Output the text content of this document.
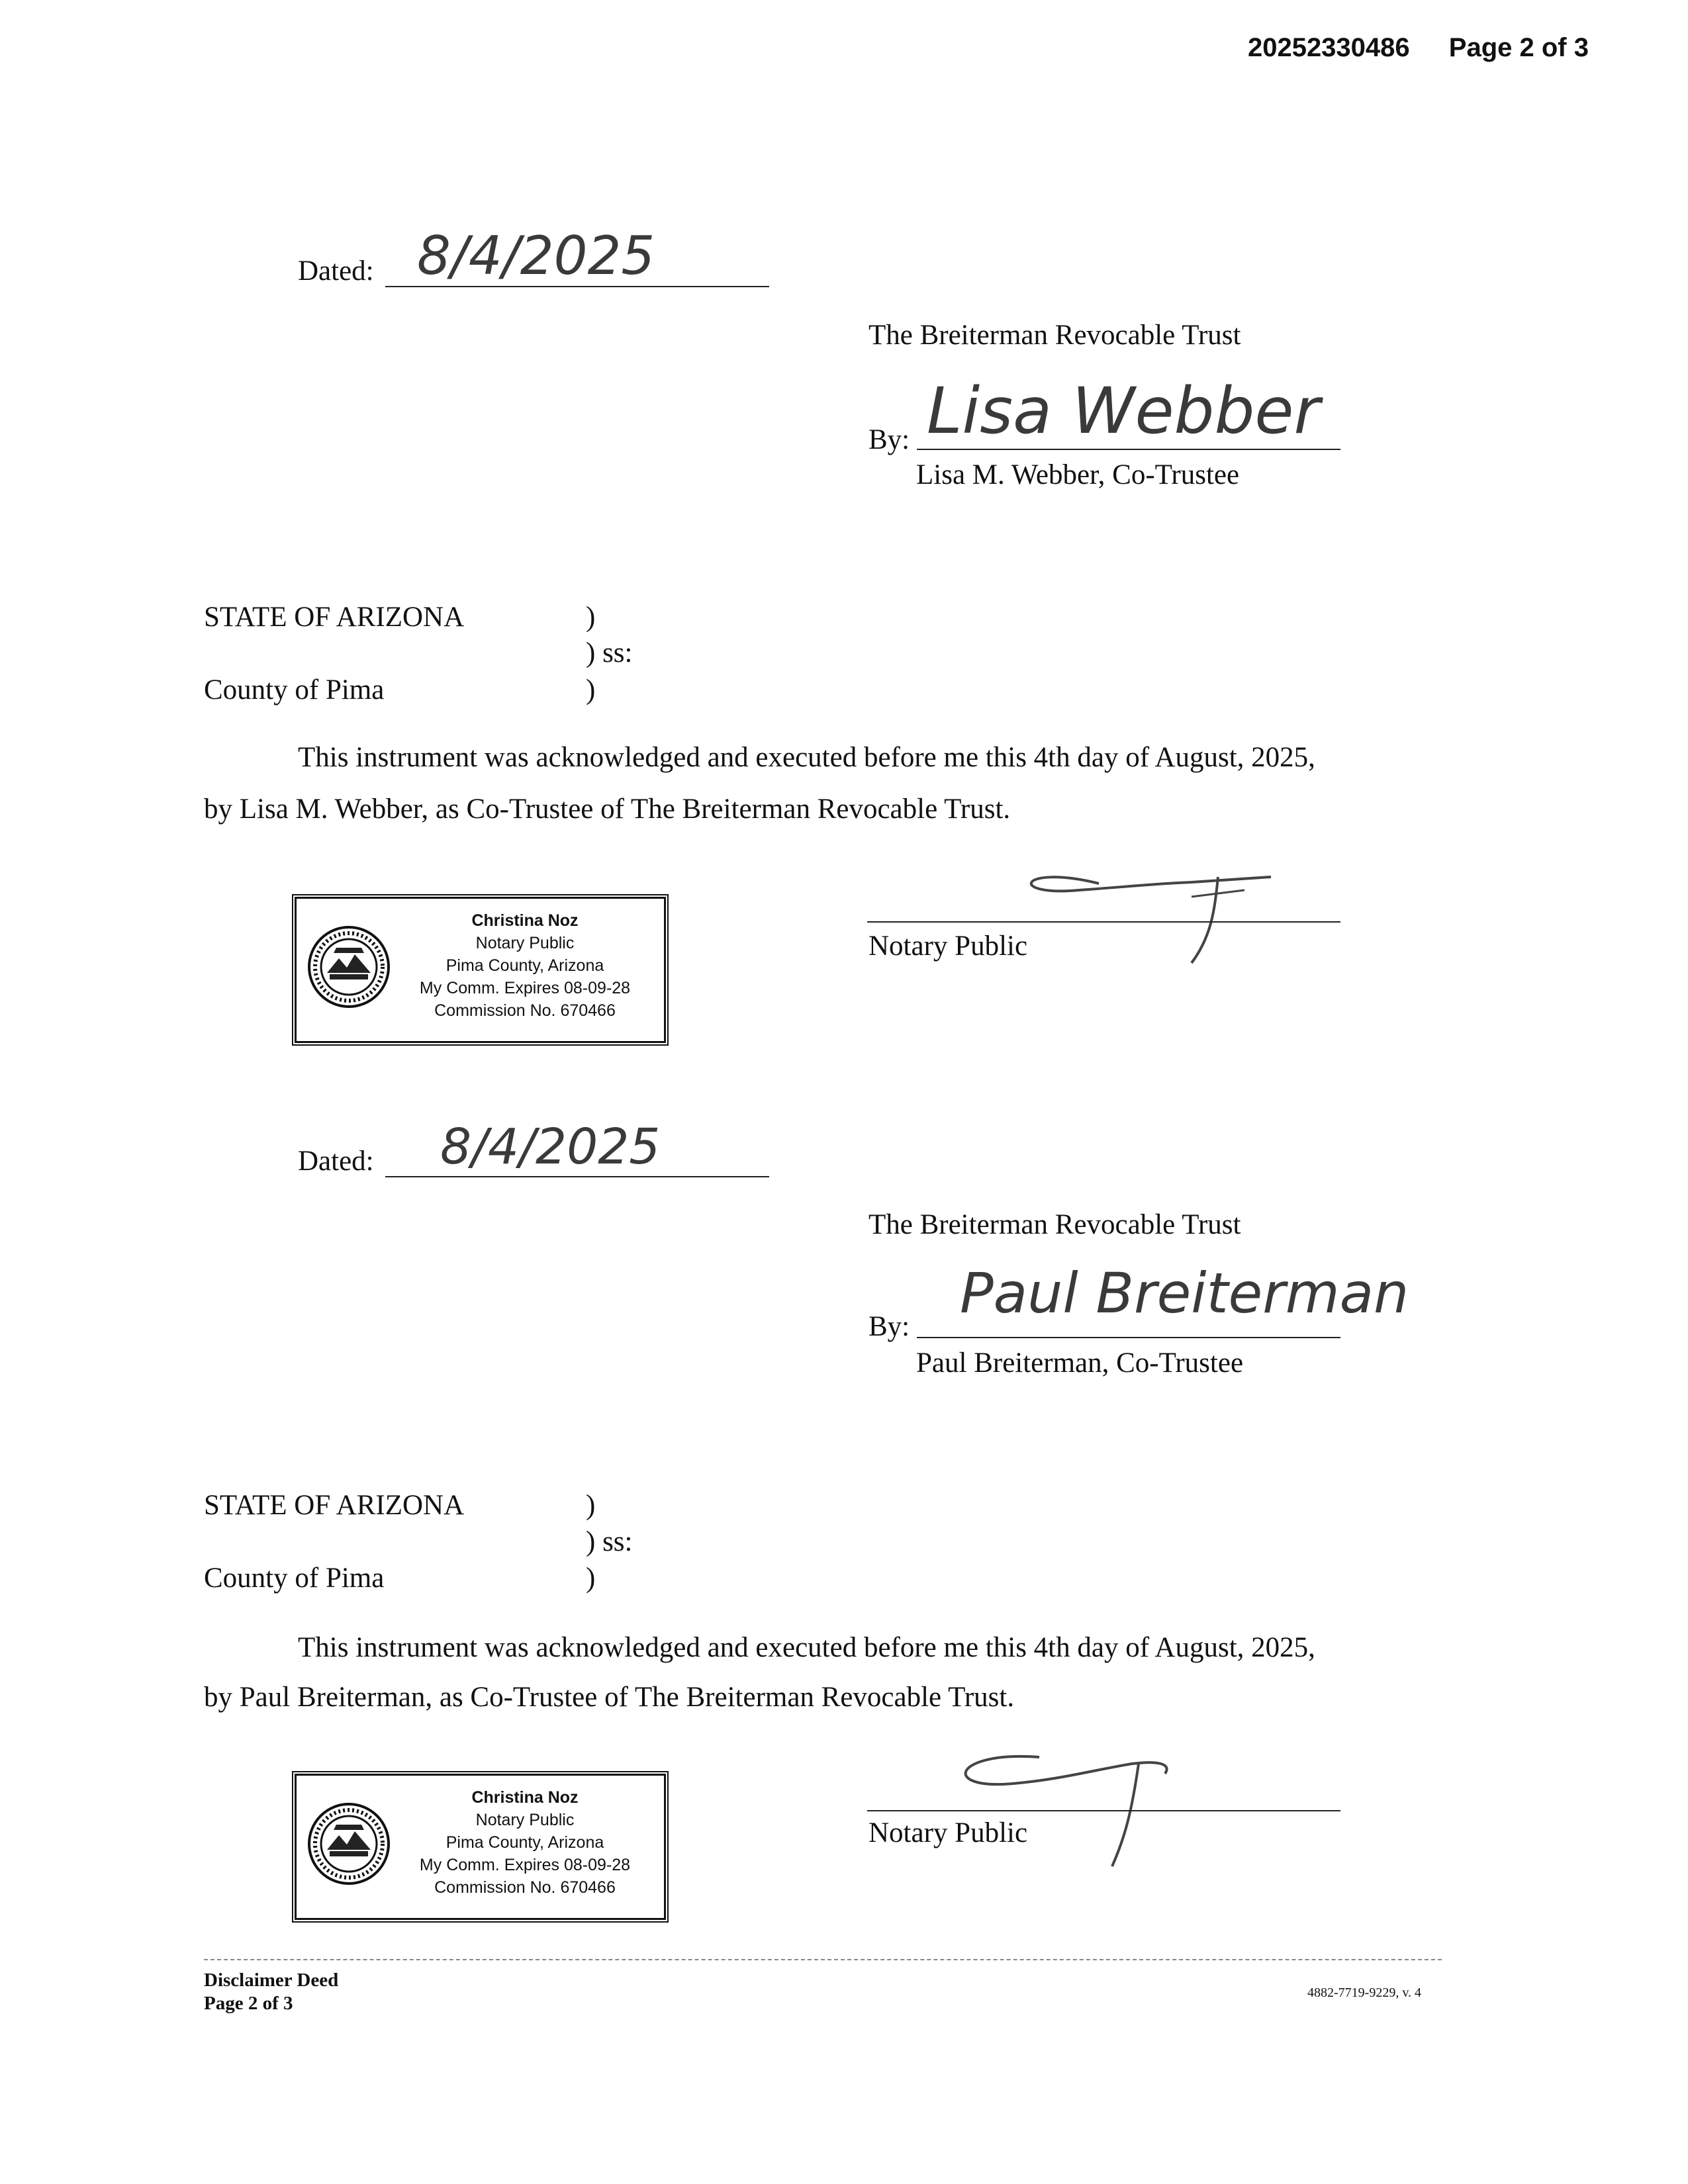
20252330486 Page 2 of 3
Dated: 8/4/2025
The Breiterman Revocable Trust
By: Lisa Webber
Lisa M. Webber, Co-Trustee
STATE OF ARIZONA	)
) ss:
County of Pima	)
This instrument was acknowledged and executed before me this 4th day of August, 2025,
by Lisa M. Webber, as Co-Trustee of The Breiterman Revocable Trust.
Christina Noz
Notary Public
Pima County, Arizona
My Comm. Expires 08-09-28
Commission No. 670466
Notary Public
Dated: 8/4/2025
The Breiterman Revocable Trust
By:
Paul Breiterman
Paul Breiterman, Co-Trustee
STATE OF ARIZONA	)
) ss:
County of Pima	)
This instrument was acknowledged and executed before me this 4th day of August, 2025,
by Paul Breiterman, as Co-Trustee of The Breiterman Revocable Trust.
Christina Noz
Notary Public
Pima County, Arizona
My Comm. Expires 08-09-28
Commission No. 670466
Notary Public
Disclaimer Deed
Page 2 of 3	4882-7719-9229, v. 4
